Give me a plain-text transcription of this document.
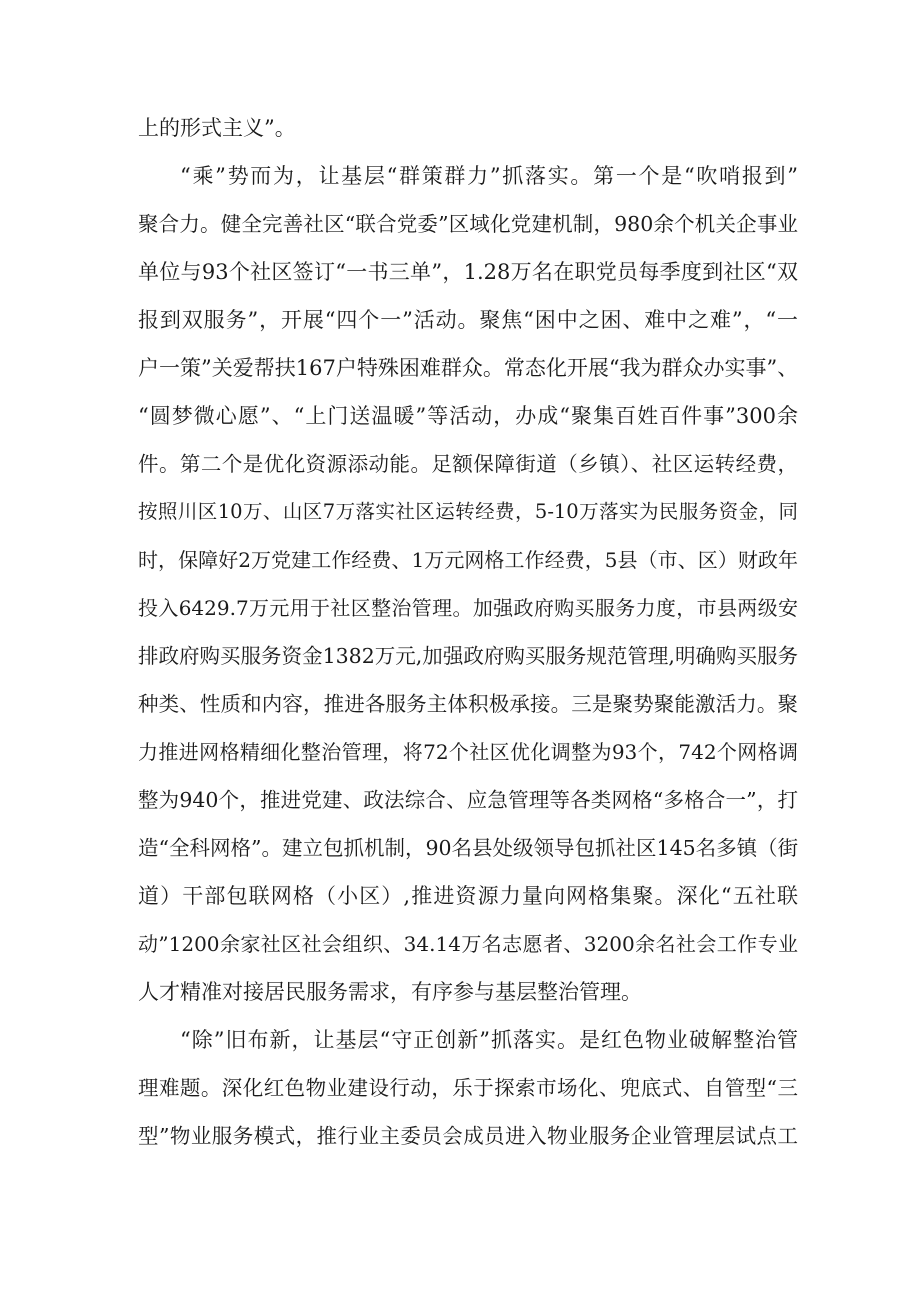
上的形式主义”。
“乘”势而为，让基层“群策群力”抓落实。第一个是“吹哨报到”
聚合力。健全完善社区“联合党委”区域化党建机制，980余个机关企事业
单位与93个社区签订“一书三单”，1.28万名在职党员每季度到社区“双
报到双服务”，开展“四个一”活动。聚焦“困中之困、难中之难”，“一
户一策”关爱帮扶167户特殊困难群众。常态化开展“我为群众办实事”、
“圆梦微心愿”、“上门送温暖”等活动，办成“聚集百姓百件事”300余
件。第二个是优化资源添动能。足额保障街道（乡镇）、社区运转经费，
按照川区10万、山区7万落实社区运转经费，5-10万落实为民服务资金，同
时，保障好2万党建工作经费、1万元网格工作经费，5县（市、区）财政年
投入6429.7万元用于社区整治管理。加强政府购买服务力度，市县两级安
排政府购买服务资金1382万元,加强政府购买服务规范管理,明确购买服务
种类、性质和内容，推进各服务主体积极承接。三是聚势聚能激活力。聚
力推进网格精细化整治管理，将72个社区优化调整为93个，742个网格调
整为940个，推进党建、政法综合、应急管理等各类网格“多格合一”，打
造“全科网格”。建立包抓机制，90名县处级领导包抓社区145名多镇（街
道）干部包联网格（小区）,推进资源力量向网格集聚。深化“五社联
动”1200余家社区社会组织、34.14万名志愿者、3200余名社会工作专业
人才精准对接居民服务需求，有序参与基层整治管理。
“除”旧布新，让基层“守正创新”抓落实。是红色物业破解整治管
理难题。深化红色物业建设行动，乐于探索市场化、兜底式、自管型“三
型”物业服务模式，推行业主委员会成员进入物业服务企业管理层试点工
